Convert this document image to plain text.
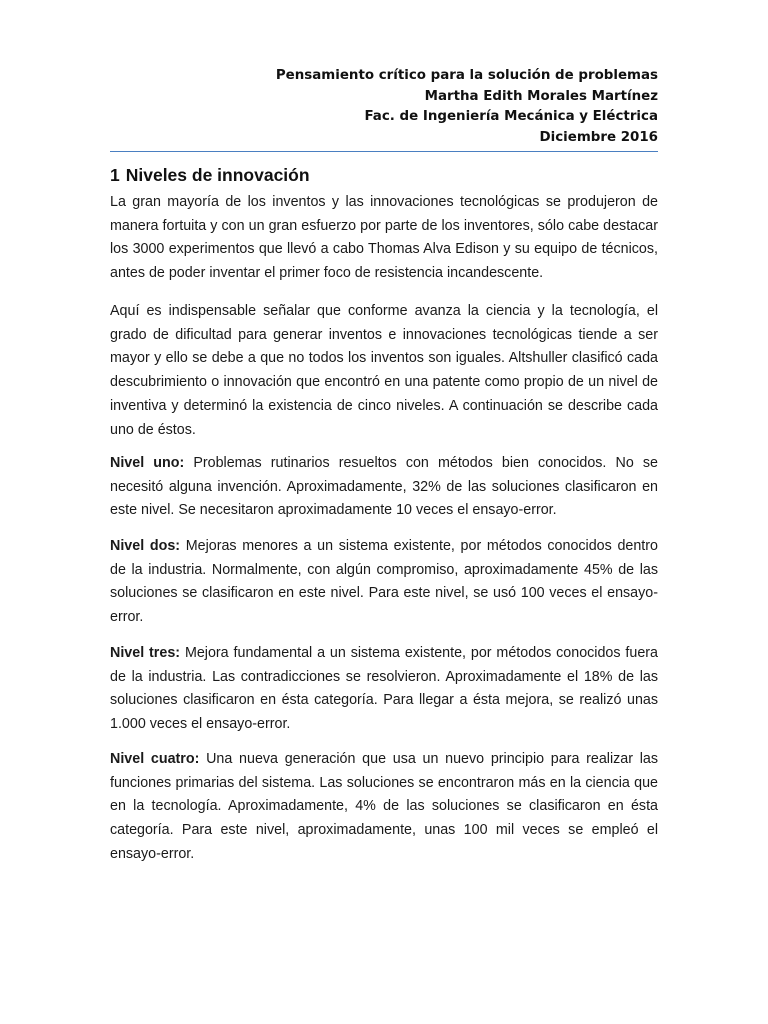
Pensamiento crítico para la solución de problemas
Martha Edith Morales Martínez
Fac. de Ingeniería Mecánica y Eléctrica
Diciembre 2016
1 Niveles de innovación

La gran mayoría de los inventos y las innovaciones tecnológicas se produjeron de manera fortuita y con un gran esfuerzo por parte de los inventores, sólo cabe destacar los 3000 experimentos que llevó a cabo Thomas Alva Edison y su equipo de técnicos, antes de poder inventar el primer foco de resistencia incandescente.

Aquí es indispensable señalar que conforme avanza la ciencia y la tecnología, el grado de dificultad para generar inventos e innovaciones tecnológicas tiende a ser mayor y ello se debe a que no todos los inventos son iguales. Altshuller clasificó cada descubrimiento o innovación que encontró en una patente como propio de un nivel de inventiva y determinó la existencia de cinco niveles. A continuación se describe cada uno de éstos.

Nivel uno: Problemas rutinarios resueltos con métodos bien conocidos. No se necesitó alguna invención. Aproximadamente, 32% de las soluciones clasificaron en este nivel. Se necesitaron aproximadamente 10 veces el ensayo-error.

Nivel dos: Mejoras menores a un sistema existente, por métodos conocidos dentro de la industria. Normalmente, con algún compromiso, aproximadamente 45% de las soluciones se clasificaron en este nivel. Para este nivel, se usó 100 veces el ensayo-error.

Nivel tres: Mejora fundamental a un sistema existente, por métodos conocidos fuera de la industria. Las contradicciones se resolvieron. Aproximadamente el 18% de las soluciones clasificaron en ésta categoría. Para llegar a ésta mejora, se realizó unas 1.000 veces el ensayo-error.

Nivel cuatro: Una nueva generación que usa un nuevo principio para realizar las funciones primarias del sistema. Las soluciones se encontraron más en la ciencia que en la tecnología. Aproximadamente, 4% de las soluciones se clasificaron en ésta categoría. Para este nivel, aproximadamente, unas 100 mil veces se empleó el ensayo-error.
